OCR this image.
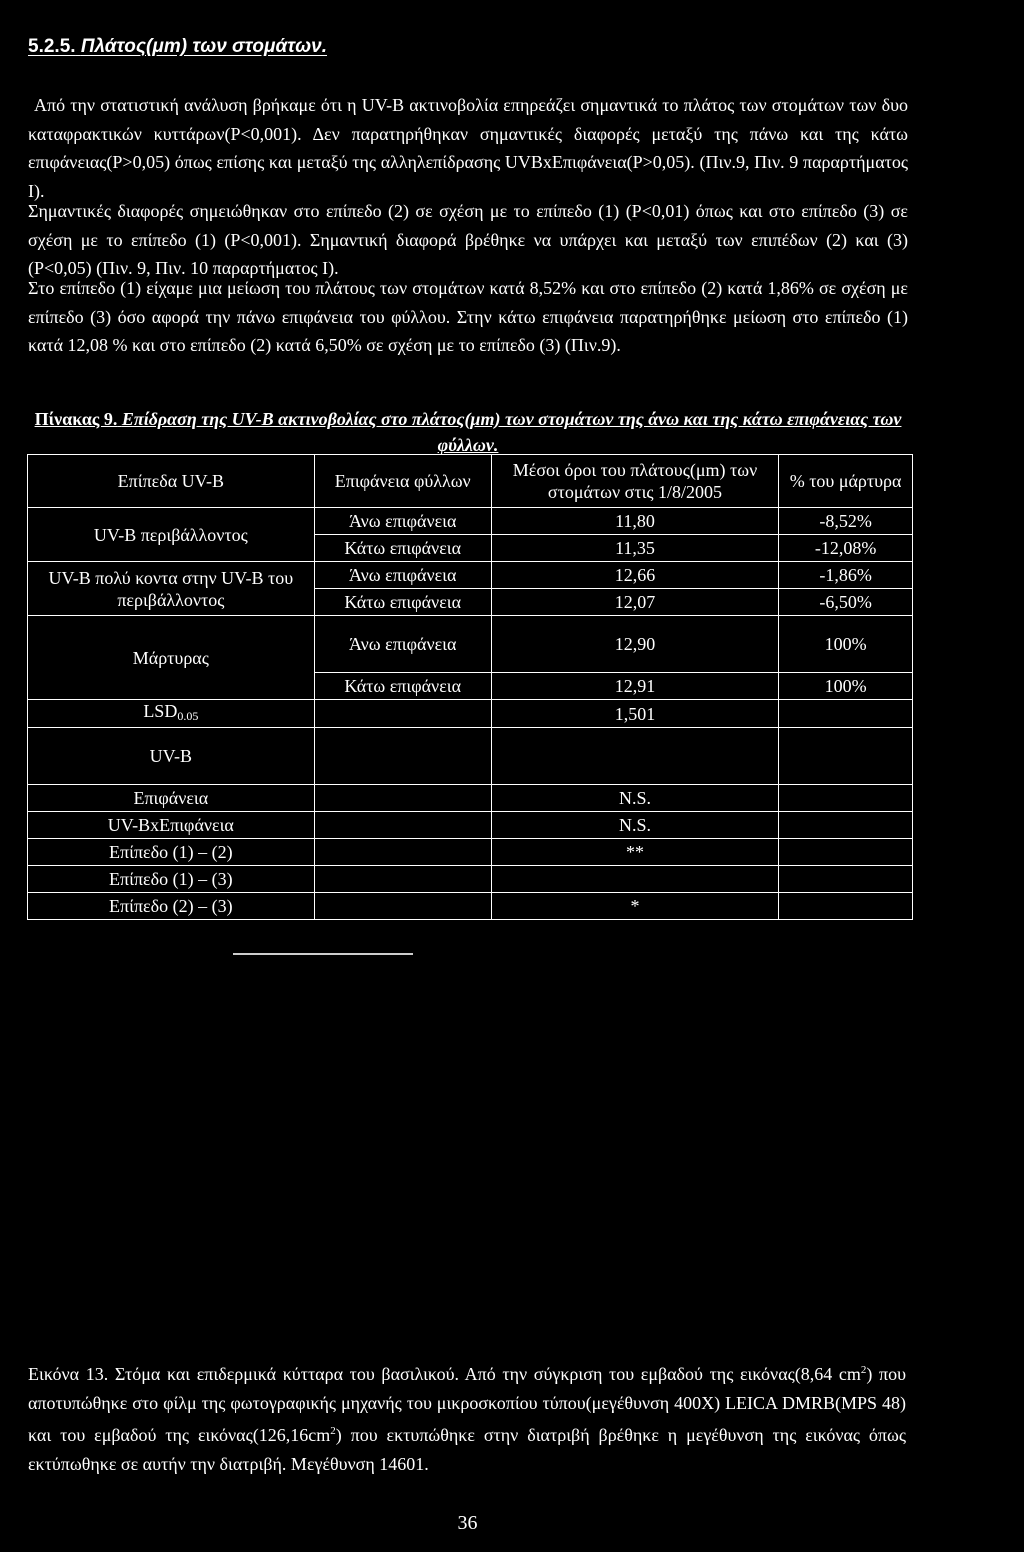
5.2.5. Πλάτος(μm) των στομάτων.

Από την στατιστική ανάλυση βρήκαμε ότι η UV-B ακτινοβολία επηρεάζει σημαντικά το πλάτος των στομάτων των δυο καταφρακτικών κυττάρων(P<0,001). Δεν παρατηρήθηκαν σημαντικές διαφορές μεταξύ της πάνω και της κάτω επιφάνειας(P>0,05) όπως επίσης και μεταξύ της αλληλεπίδρασης UVBxΕπιφάνεια(P>0,05). (Πιν.9, Πιν. 9 παραρτήματος Ι).

Σημαντικές διαφορές σημειώθηκαν στο επίπεδο (2) σε σχέση με το επίπεδο (1) (P<0,01) όπως και στο επίπεδο (3) σε σχέση με το επίπεδο (1) (P<0,001). Σημαντική διαφορά βρέθηκε να υπάρχει και μεταξύ των επιπέδων (2) και (3) (P<0,05) (Πιν. 9, Πιν. 10 παραρτήματος Ι).

Στο επίπεδο (1) είχαμε μια μείωση του πλάτους των στομάτων κατά 8,52% και στο επίπεδο (2) κατά 1,86% σε σχέση με επίπεδο (3) όσο αφορά την πάνω επιφάνεια του φύλλου. Στην κάτω επιφάνεια παρατηρήθηκε μείωση στο επίπεδο (1) κατά 12,08 % και στο επίπεδο (2) κατά 6,50% σε σχέση με το επίπεδο (3) (Πιν.9).

Πίνακας 9. Επίδραση της UV-B ακτινοβολίας στο πλάτος(μm) των στομάτων της άνω και της κάτω επιφάνειας των φύλλων.

Επίπεδα UV-B	Επιφάνεια φύλλων	Μέσοι όροι του πλάτους(μm) των στομάτων στις 1/8/2005	% του μάρτυρα
UV-B περιβάλλοντος	Άνω επιφάνεια	11,80	-8,52%
	Κάτω επιφάνεια	11,35	-12,08%
UV-B πολύ κοντα στην UV-B του περιβάλλοντος	Άνω επιφάνεια	12,66	-1,86%
	Κάτω επιφάνεια	12,07	-6,50%
Μάρτυρας	Άνω επιφάνεια	12,90	100%
	Κάτω επιφάνεια	12,91	100%
$LSD_{0.05}$		1,501	
UV-B			
Επιφάνεια		N.S.	
UV-BxΕπιφάνεια		N.S.	
Επίπεδο (1) – (2)		**	
Επίπεδο (1) – (3)			
Επίπεδο (2) – (3)		*	

Εικόνα 13. Στόμα και επιδερμικά κύτταρα του βασιλικού. Από την σύγκριση του εμβαδού της εικόνας(8,64 $cm^2$) που αποτυπώθηκε στο φίλμ της φωτογραφικής μηχανής του μικροσκοπίου τύπου(μεγέθυνση 400X) LEICA DMRB(MPS 48) και του εμβαδού της $\varepsilon\iota\kappa ό\nu\alpha\varsigma(126,16cm^2)$ που εκτυπώθηκε στην διατριβή βρέθηκε η μεγέθυνση της εικόνας όπως εκτύπωθηκε σε αυτήν την διατριβή. Μεγέθυνση 14601.

36
